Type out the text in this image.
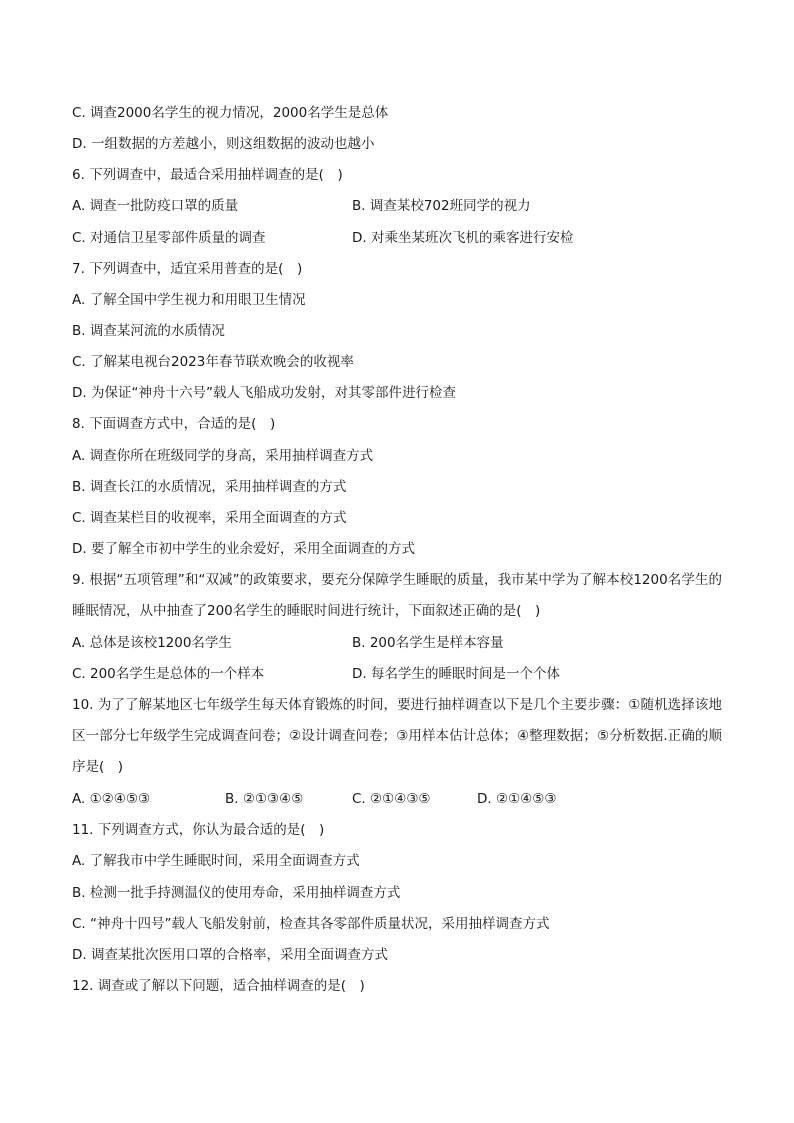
C. 调查2000名学生的视力情况，2000名学生是总体
D. 一组数据的方差越小，则这组数据的波动也越小
6. 下列调查中，最适合采用抽样调查的是(　)
A. 调查一批防疫口罩的质量	B. 调查某校702班同学的视力
C. 对通信卫星零部件质量的调查	D. 对乘坐某班次飞机的乘客进行安检
7. 下列调查中，适宜采用普查的是(　)
A. 了解全国中学生视力和用眼卫生情况
B. 调查某河流的水质情况
C. 了解某电视台2023年春节联欢晚会的收视率
D. 为保证“神舟十六号”载人飞船成功发射，对其零部件进行检查
8. 下面调查方式中，合适的是(　)
A. 调查你所在班级同学的身高，采用抽样调查方式
B. 调查长江的水质情况，采用抽样调查的方式
C. 调查某栏目的收视率，采用全面调查的方式
D. 要了解全市初中学生的业余爱好，采用全面调查的方式
9. 根据“五项管理”和“双减”的政策要求，要充分保障学生睡眠的质量，我市某中学为了解本校1200名学生的睡眠情况，从中抽查了200名学生的睡眠时间进行统计，下面叙述正确的是(　)
A. 总体是该校1200名学生	B. 200名学生是样本容量
C. 200名学生是总体的一个样本	D. 每名学生的睡眠时间是一个个体
10. 为了了解某地区七年级学生每天体育锻炼的时间，要进行抽样调查以下是几个主要步骤：①随机选择该地区一部分七年级学生完成调查问卷；②设计调查问卷；③用样本估计总体；④整理数据；⑤分析数据.正确的顺序是(　)
A. ①②④⑤③	B. ②①③④⑤	C. ②①④③⑤	D. ②①④⑤③
11. 下列调查方式，你认为最合适的是(　)
A. 了解我市中学生睡眠时间，采用全面调查方式
B. 检测一批手持测温仪的使用寿命，采用抽样调查方式
C. “神舟十四号”载人飞船发射前，检查其各零部件质量状况，采用抽样调查方式
D. 调查某批次医用口罩的合格率，采用全面调查方式
12. 调查或了解以下问题，适合抽样调查的是(　)
